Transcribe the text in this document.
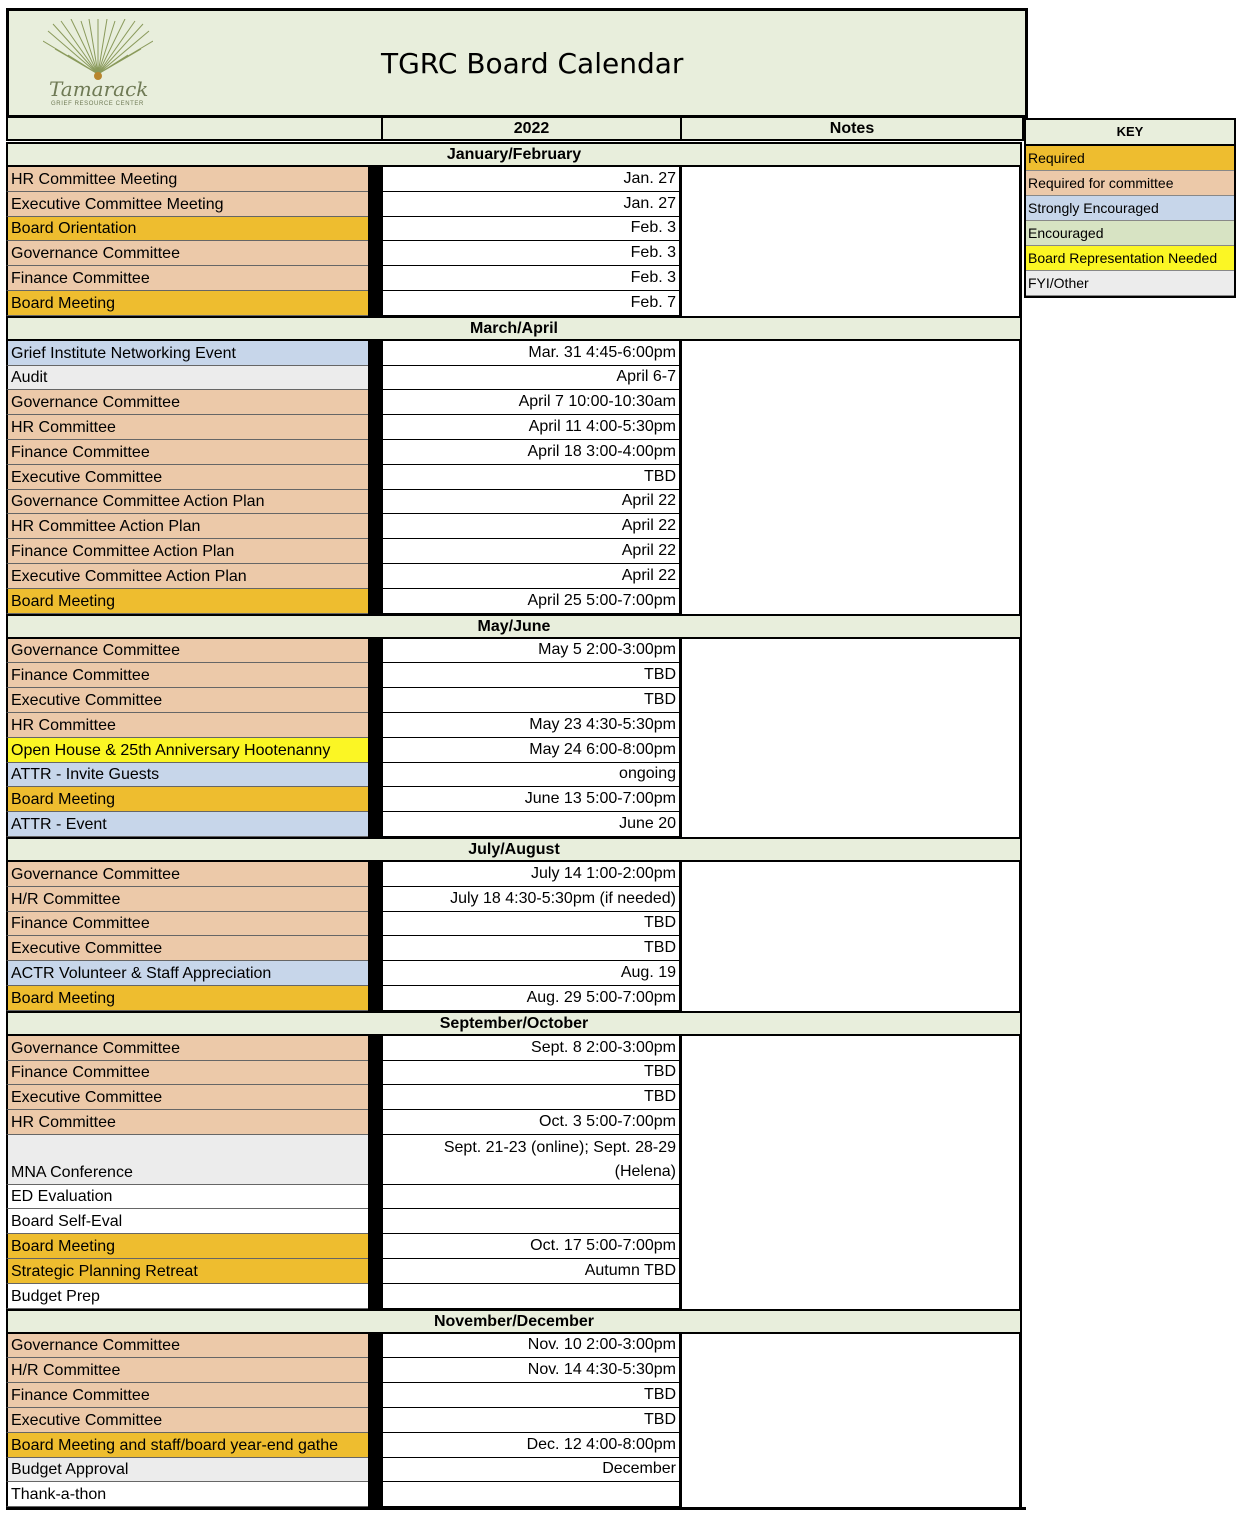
Tamarack
GRIEF RESOURCE CENTER
TGRC Board Calendar
2022	Notes
January/February
HR Committee Meeting	Jan. 27
Executive Committee Meeting	Jan. 27
Board Orientation	Feb. 3
Governance Committee	Feb. 3
Finance Committee	Feb. 3
Board Meeting	Feb. 7
March/April
Grief Institute Networking Event	Mar. 31 4:45-6:00pm
Audit	April 6-7
Governance Committee	April 7 10:00-10:30am
HR Committee	April 11 4:00-5:30pm
Finance Committee	April 18 3:00-4:00pm
Executive Committee	TBD
Governance Committee Action Plan	April 22
HR Committee Action Plan	April 22
Finance Committee Action Plan	April 22
Executive Committee Action Plan	April 22
Board Meeting	April 25 5:00-7:00pm
May/June
Governance Committee	May 5 2:00-3:00pm
Finance Committee	TBD
Executive Committee	TBD
HR Committee	May 23 4:30-5:30pm
Open House & 25th Anniversary Hootenanny	May 24 6:00-8:00pm
ATTR - Invite Guests	ongoing
Board Meeting	June 13 5:00-7:00pm
ATTR - Event	June 20
July/August
Governance Committee	July 14 1:00-2:00pm
H/R Committee	July 18 4:30-5:30pm (if needed)
Finance Committee	TBD
Executive Committee	TBD
ACTR Volunteer & Staff Appreciation	Aug. 19
Board Meeting	Aug. 29 5:00-7:00pm
September/October
Governance Committee	Sept. 8 2:00-3:00pm
Finance Committee	TBD
Executive Committee	TBD
HR Committee	Oct. 3 5:00-7:00pm
MNA Conference
Sept. 21-23 (online); Sept. 28-29
(Helena)
ED Evaluation
Board Self-Eval
Board Meeting	Oct. 17 5:00-7:00pm
Strategic Planning Retreat	Autumn TBD
Budget Prep
November/December
Governance Committee	Nov. 10 2:00-3:00pm
H/R Committee	Nov. 14 4:30-5:30pm
Finance Committee	TBD
Executive Committee	TBD
Board Meeting and staff/board year-end gathe	Dec. 12 4:00-8:00pm
Budget Approval	December
Thank-a-thon
KEY
Required
Required for committee
Strongly Encouraged
Encouraged
Board Representation Needed
FYI/Other
